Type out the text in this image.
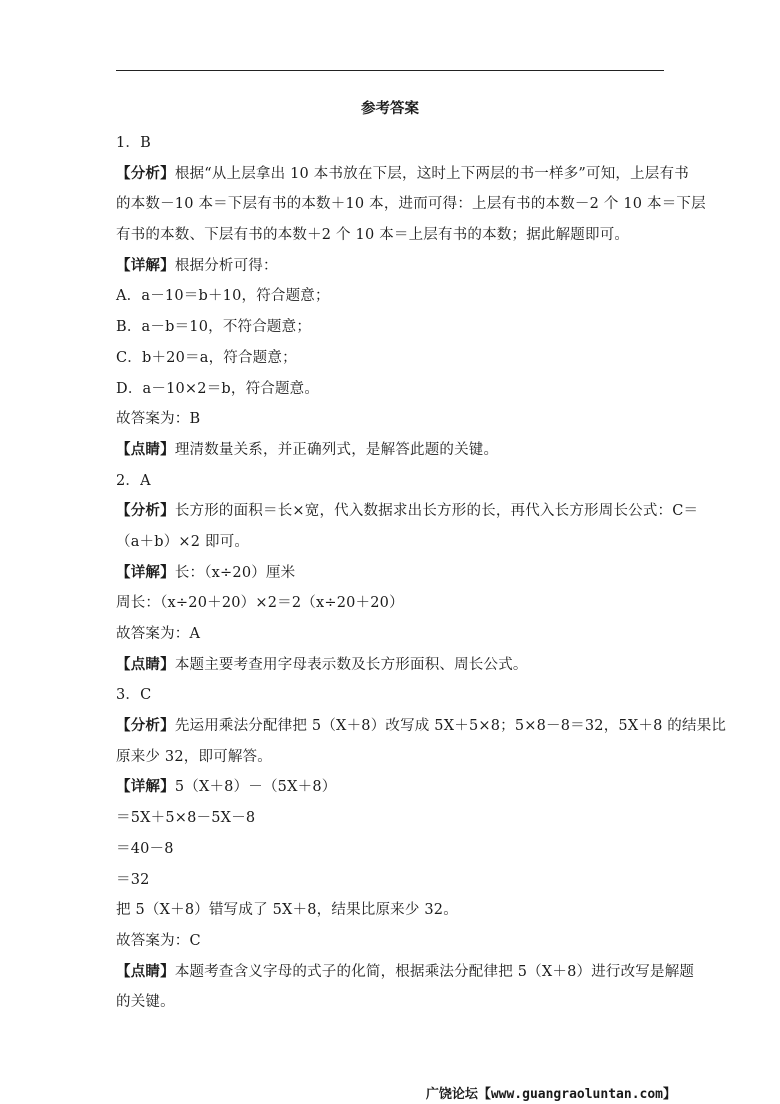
参考答案
1．B
【分析】根据“从上层拿出 10 本书放在下层，这时上下两层的书一样多”可知，上层有书
的本数－10 本＝下层有书的本数＋10 本，进而可得：上层有书的本数－2 个 10 本＝下层
有书的本数、下层有书的本数＋2 个 10 本＝上层有书的本数；据此解题即可。
【详解】根据分析可得：
A．a－10＝b＋10，符合题意；
B．a－b＝10，不符合题意；
C．b＋20＝a，符合题意；
D．a－10×2＝b，符合题意。
故答案为：B
【点睛】理清数量关系，并正确列式，是解答此题的关键。
2．A
【分析】长方形的面积＝长×宽，代入数据求出长方形的长，再代入长方形周长公式：C＝
（a＋b）×2 即可。
【详解】长：（x÷20）厘米
周长：（x÷20＋20）×2＝2（x÷20＋20）
故答案为：A
【点睛】本题主要考查用字母表示数及长方形面积、周长公式。
3．C
【分析】先运用乘法分配律把 5（X＋8）改写成 5X＋5×8；5×8－8＝32，5X＋8 的结果比
原来少 32，即可解答。
【详解】5（X＋8）－（5X＋8）
＝5X＋5×8－5X－8
＝40－8
＝32
把 5（X＋8）错写成了 5X＋8，结果比原来少 32。
故答案为：C
【点睛】本题考查含义字母的式子的化简，根据乘法分配律把 5（X＋8）进行改写是解题
的关键。
广饶论坛【www.guangraoluntan.com】
